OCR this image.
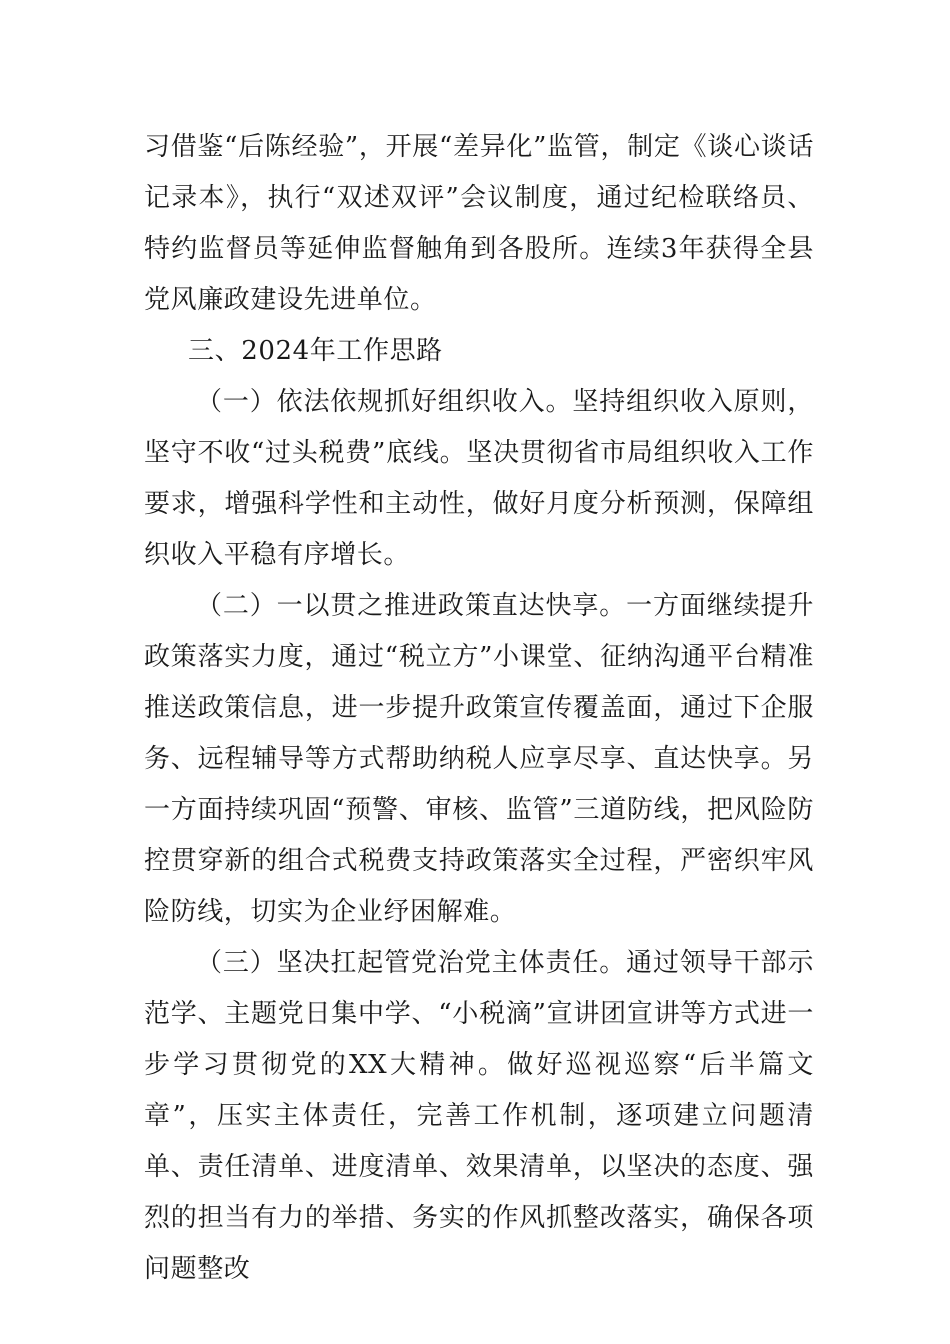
习借鉴“后陈经验”，开展“差异化”监管，制定《谈心谈话记录本》，执行“双述双评”会议制度，通过纪检联络员、特约监督员等延伸监督触角到各股所。连续3年获得全县党风廉政建设先进单位。

三、2024年工作思路

（一）依法依规抓好组织收入。坚持组织收入原则，坚守不收“过头税费”底线。坚决贯彻省市局组织收入工作要求，增强科学性和主动性，做好月度分析预测，保障组织收入平稳有序增长。

（二）一以贯之推进政策直达快享。一方面继续提升政策落实力度，通过“税立方”小课堂、征纳沟通平台精准推送政策信息，进一步提升政策宣传覆盖面，通过下企服务、远程辅导等方式帮助纳税人应享尽享、直达快享。另一方面持续巩固“预警、审核、监管”三道防线，把风险防控贯穿新的组合式税费支持政策落实全过程，严密织牢风险防线，切实为企业纾困解难。

（三）坚决扛起管党治党主体责任。通过领导干部示范学、主题党日集中学、“小税滴”宣讲团宣讲等方式进一步学习贯彻党的XX大精神。做好巡视巡察“后半篇文章”，压实主体责任，完善工作机制，逐项建立问题清单、责任清单、进度清单、效果清单，以坚决的态度、强烈的担当有力的举措、务实的作风抓整改落实，确保各项问题整改
